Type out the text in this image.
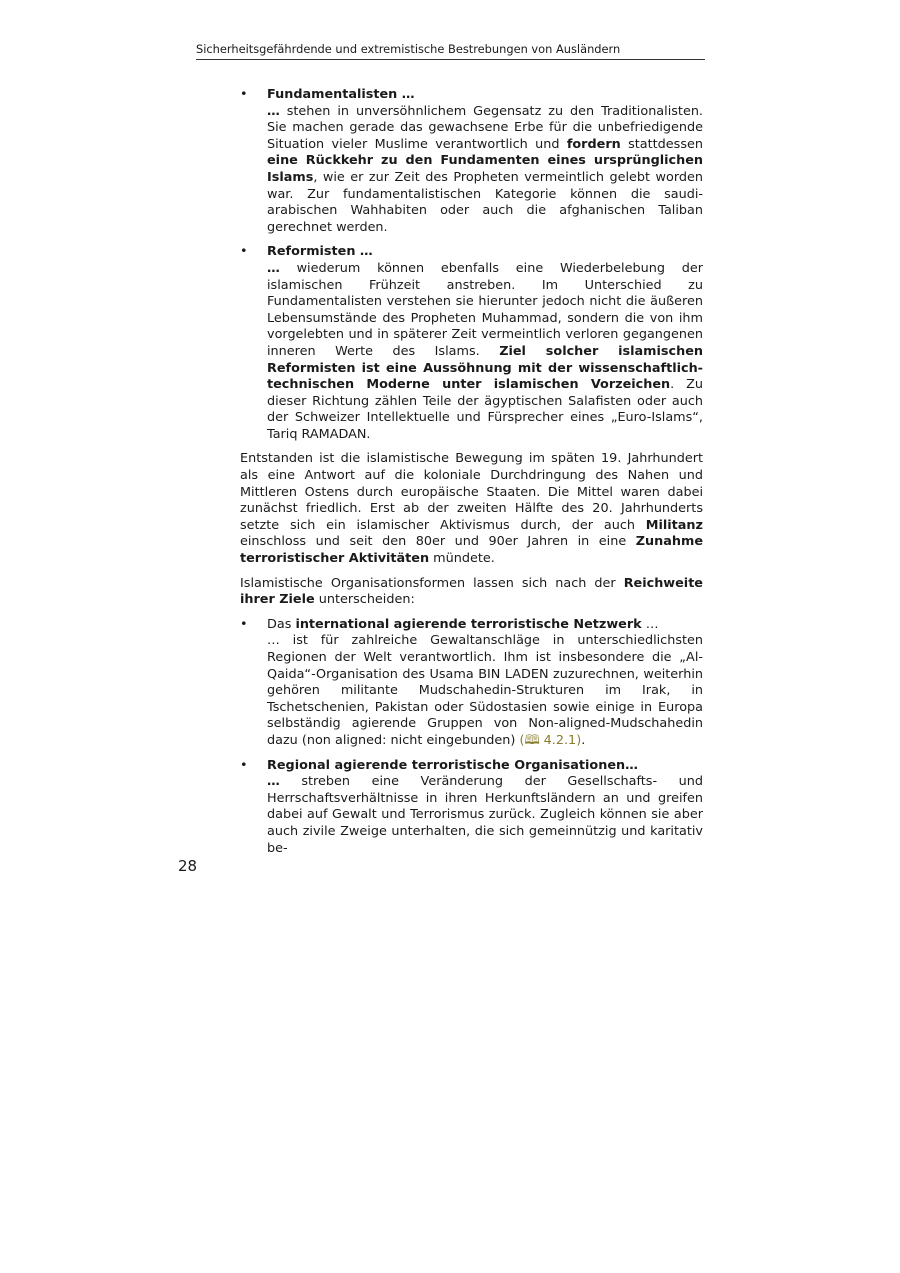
Sicherheitsgefährdende und extremistische Bestrebungen von Ausländern
• Fundamentalisten …
… stehen in unversöhnlichem Gegensatz zu den Traditionalisten. Sie machen gerade das gewachsene Erbe für die unbefriedigende Situation vieler Muslime verantwortlich und fordern stattdessen eine Rückkehr zu den Fundamenten eines ursprünglichen Islams, wie er zur Zeit des Propheten vermeintlich gelebt worden war. Zur fundamentalistischen Kategorie können die saudi-arabischen Wahhabiten oder auch die afghanischen Taliban gerechnet werden.
• Reformisten …
… wiederum können ebenfalls eine Wiederbelebung der islamischen Frühzeit anstreben. Im Unterschied zu Fundamentalisten verstehen sie hierunter jedoch nicht die äußeren Lebensumstände des Propheten Muhammad, sondern die von ihm vorgelebten und in späterer Zeit vermeintlich verloren gegangenen inneren Werte des Islams. Ziel solcher islamischen Reformisten ist eine Aussöhnung mit der wissenschaftlich-technischen Moderne unter islamischen Vorzeichen. Zu dieser Richtung zählen Teile der ägyptischen Salafisten oder auch der Schweizer Intellektuelle und Fürsprecher eines „Euro-Islams“, Tariq RAMADAN.

Entstanden ist die islamistische Bewegung im späten 19. Jahrhundert als eine Antwort auf die koloniale Durchdringung des Nahen und Mittleren Ostens durch europäische Staaten. Die Mittel waren dabei zunächst friedlich. Erst ab der zweiten Hälfte des 20. Jahrhunderts setzte sich ein islamischer Aktivismus durch, der auch Militanz einschloss und seit den 80er und 90er Jahren in eine Zunahme terroristischer Aktivitäten mündete.

Islamistische Organisationsformen lassen sich nach der Reichweite ihrer Ziele unterscheiden:

• Das international agierende terroristische Netzwerk …
… ist für zahlreiche Gewaltanschläge in unterschiedlichsten Regionen der Welt verantwortlich. Ihm ist insbesondere die „Al-Qaida“-Organisation des Usama BIN LADEN zuzurechnen, weiterhin gehören militante Mudschahedin-Strukturen im Irak, in Tschetschenien, Pakistan oder Südostasien sowie einige in Europa selbständig agierende Gruppen von Non-aligned-Mudschahedin dazu (non aligned: nicht eingebunden) (🕮 4.2.1).
• Regional agierende terroristische Organisationen…
… streben eine Veränderung der Gesellschafts- und Herrschaftsverhältnisse in ihren Herkunftsländern an und greifen dabei auf Gewalt und Terrorismus zurück. Zugleich können sie aber auch zivile Zweige unterhalten, die sich gemeinnützig und karitativ be-
28
